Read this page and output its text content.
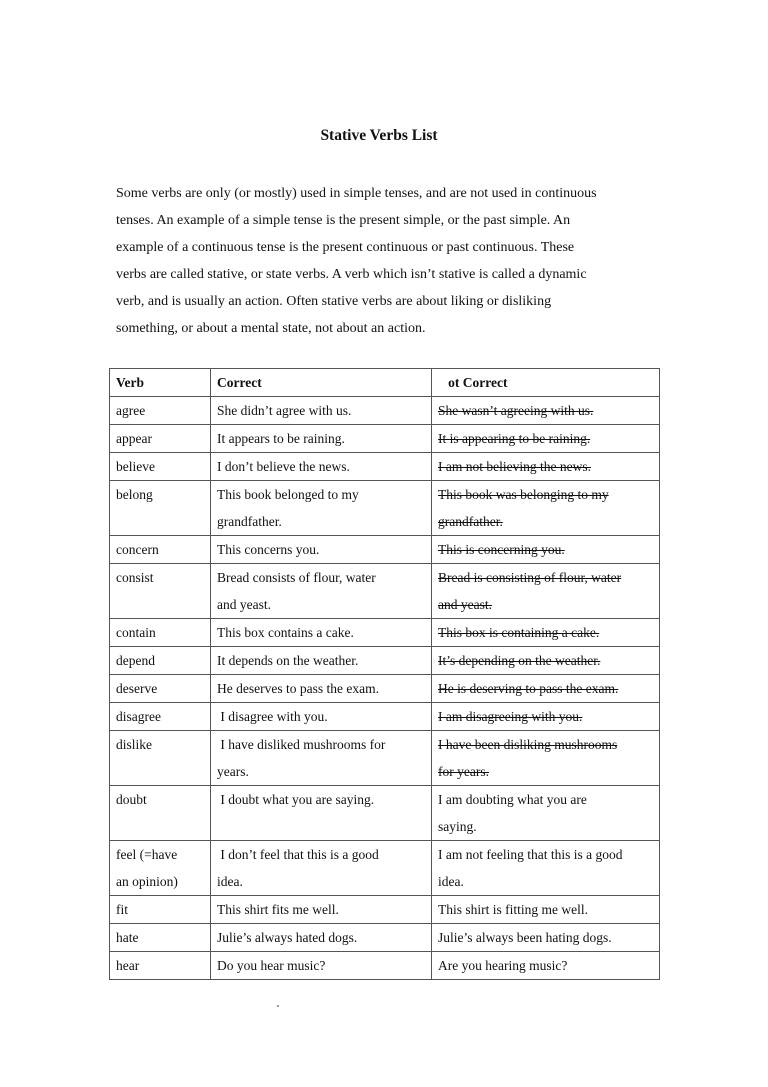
Stative Verbs List

Some verbs are only (or mostly) used in simple tenses, and are not used in continuous
tenses. An example of a simple tense is the present simple, or the past simple. An
example of a continuous tense is the present continuous or past continuous. These
verbs are called stative, or state verbs. A verb which isn’t stative is called a dynamic
verb, and is usually an action. Often stative verbs are about liking or disliking
something, or about a mental state, not about an action.

Verb	Correct	ot Correct

agree	She didn’t agree with us.	She wasn’t agreeing with us.

appear	It appears to be raining.	It is appearing to be raining.

believe	I don’t believe the news.	I am not believing the news.

belong	This book belonged to my
grandfather.	This book was belonging to my
grandfather.

concern	This concerns you.	This is concerning you.

consist	Bread consists of flour, water
and yeast.	Bread is consisting of flour, water
and yeast.

contain	This box contains a cake.	This box is containing a cake.

depend	It depends on the weather.	It’s depending on the weather.

deserve	He deserves to pass the exam.	He is deserving to pass the exam.

disagree	I disagree with you.	I am disagreeing with you.

dislike	I have disliked mushrooms for
years.	I have been disliking mushrooms
for years.

doubt	I doubt what you are saying.	I am doubting what you are
saying.

feel (=have
an opinion)	I don’t feel that this is a good
idea.	I am not feeling that this is a good
idea.

fit	This shirt fits me well.	This shirt is fitting me well.

hate	Julie’s always hated dogs.	Julie’s always been hating dogs.

hear	Do you hear music?	Are you hearing music?
